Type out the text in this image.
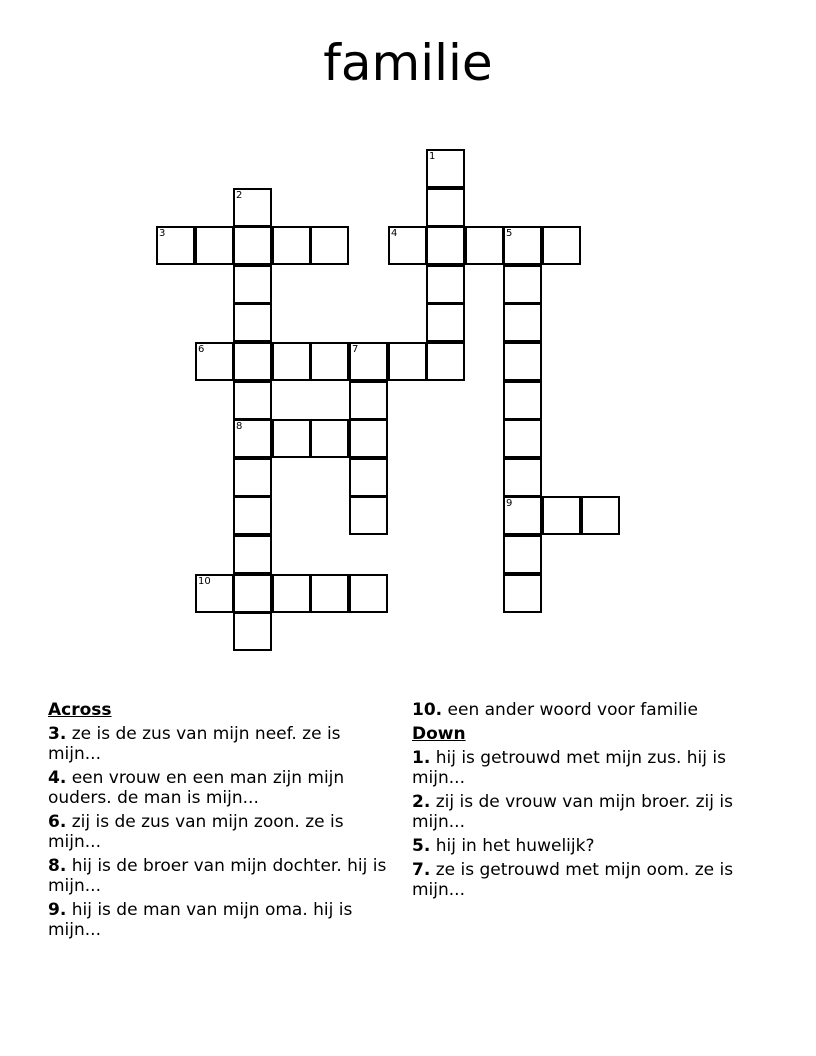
familie
1
2
8
3	4	5
9
6	7
10
Across
3. ze is de zus van mijn neef. ze is mijn...
4. een vrouw en een man zijn mijn ouders. de man is mijn...
6. zij is de zus van mijn zoon. ze is mijn...
8. hij is de broer van mijn dochter. hij is mijn...
9. hij is de man van mijn oma. hij is mijn...
10. een ander woord voor familie
Down
1. hij is getrouwd met mijn zus. hij is mijn...
2. zij is de vrouw van mijn broer. zij is mijn...
5. hij in het huwelijk?
7. ze is getrouwd met mijn oom. ze is mijn...
